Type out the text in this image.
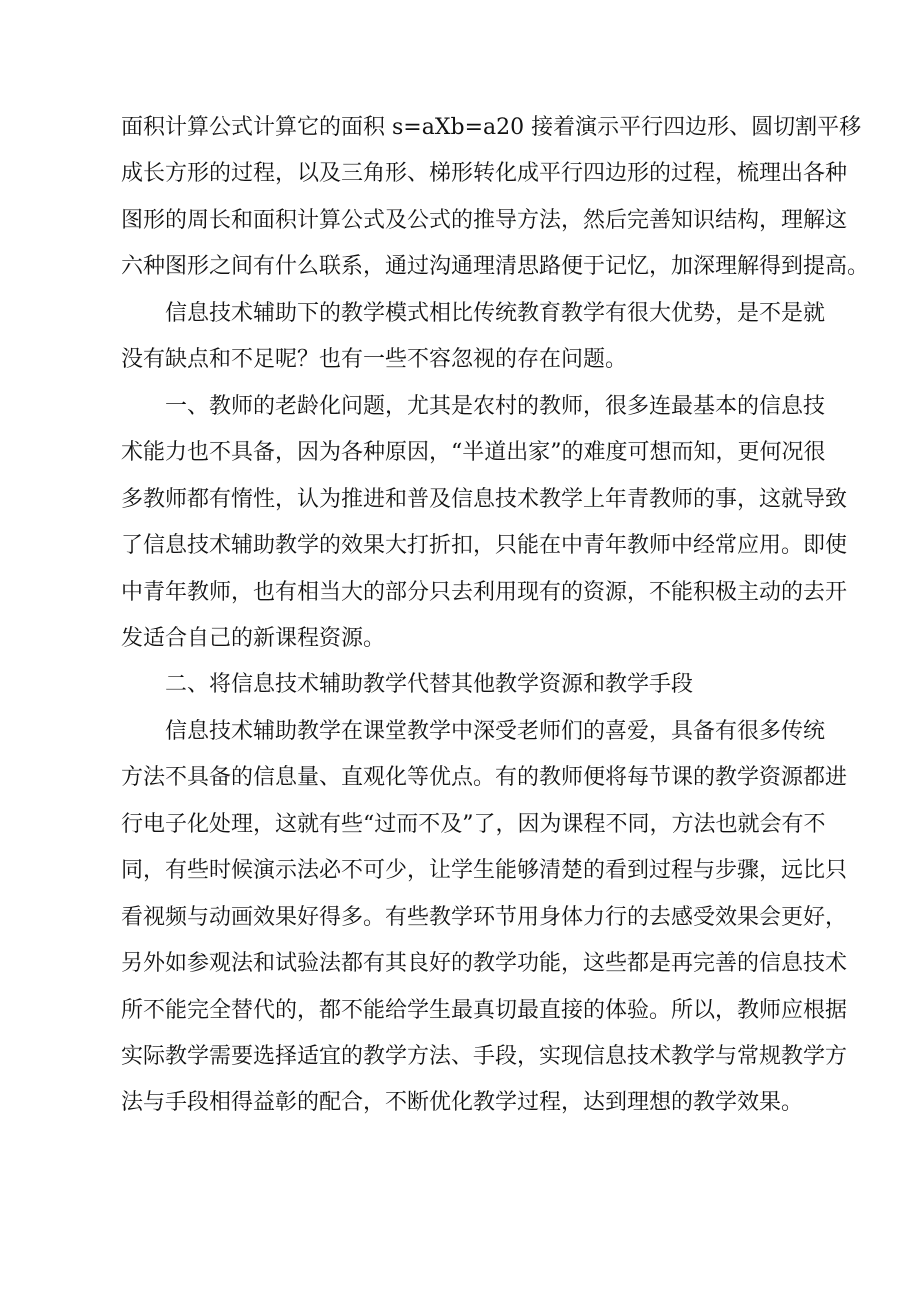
面积计算公式计算它的面积 s=aXb=a20 接着演示平行四边形、圆切割平移
成长方形的过程，以及三角形、梯形转化成平行四边形的过程，梳理出各种
图形的周长和面积计算公式及公式的推导方法，然后完善知识结构，理解这
六种图形之间有什么联系，通过沟通理清思路便于记忆，加深理解得到提高。
信息技术辅助下的教学模式相比传统教育教学有很大优势，是不是就
没有缺点和不足呢？也有一些不容忽视的存在问题。
一、教师的老龄化问题，尤其是农村的教师，很多连最基本的信息技
术能力也不具备，因为各种原因，“半道出家”的难度可想而知，更何况很
多教师都有惰性，认为推进和普及信息技术教学上年青教师的事，这就导致
了信息技术辅助教学的效果大打折扣，只能在中青年教师中经常应用。即使
中青年教师，也有相当大的部分只去利用现有的资源，不能积极主动的去开
发适合自己的新课程资源。
二、将信息技术辅助教学代替其他教学资源和教学手段
信息技术辅助教学在课堂教学中深受老师们的喜爱，具备有很多传统
方法不具备的信息量、直观化等优点。有的教师便将每节课的教学资源都进
行电子化处理，这就有些“过而不及”了，因为课程不同，方法也就会有不
同，有些时候演示法必不可少，让学生能够清楚的看到过程与步骤，远比只
看视频与动画效果好得多。有些教学环节用身体力行的去感受效果会更好，
另外如参观法和试验法都有其良好的教学功能，这些都是再完善的信息技术
所不能完全替代的，都不能给学生最真切最直接的体验。所以，教师应根据
实际教学需要选择适宜的教学方法、手段，实现信息技术教学与常规教学方
法与手段相得益彰的配合，不断优化教学过程，达到理想的教学效果。
